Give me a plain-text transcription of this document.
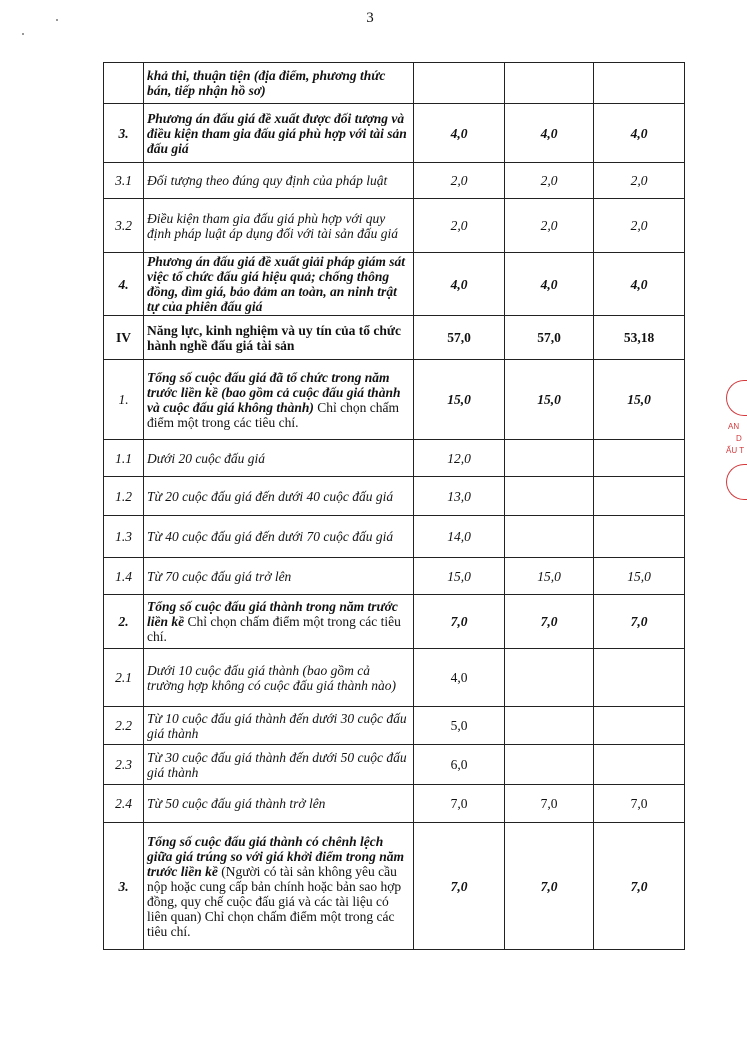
3
	khả thi, thuận tiện (địa điểm, phương thức bán, tiếp nhận hồ sơ)			
3.	Phương án đấu giá đề xuất được đối tượng và điều kiện tham gia đấu giá phù hợp với tài sản đấu giá	4,0	4,0	4,0
3.1	Đối tượng theo đúng quy định của pháp luật	2,0	2,0	2,0
3.2	Điều kiện tham gia đấu giá phù hợp với quy định pháp luật áp dụng đối với tài sản đấu giá	2,0	2,0	2,0
4.	Phương án đấu giá đề xuất giải pháp giám sát việc tổ chức đấu giá hiệu quả; chống thông đồng, dìm giá, bảo đảm an toàn, an ninh trật tự của phiên đấu giá	4,0	4,0	4,0
IV	Năng lực, kinh nghiệm và uy tín của tổ chức hành nghề đấu giá tài sản	57,0	57,0	53,18
1.	Tổng số cuộc đấu giá đã tổ chức trong năm trước liền kề (bao gồm cả cuộc đấu giá thành và cuộc đấu giá không thành) Chỉ chọn chấm điểm một trong các tiêu chí.	15,0	15,0	15,0
1.1	Dưới 20 cuộc đấu giá	12,0		
1.2	Từ 20 cuộc đấu giá đến dưới 40 cuộc đấu giá	13,0		
1.3	Từ 40 cuộc đấu giá đến dưới 70 cuộc đấu giá	14,0		
1.4	Từ 70 cuộc đấu giá trở lên	15,0	15,0	15,0
2.	Tổng số cuộc đấu giá thành trong năm trước liền kề Chỉ chọn chấm điểm một trong các tiêu chí.	7,0	7,0	7,0
2.1	Dưới 10 cuộc đấu giá thành (bao gồm cả trường hợp không có cuộc đấu giá thành nào)	4,0		
2.2	Từ 10 cuộc đấu giá thành đến dưới 30 cuộc đấu giá thành	5,0		
2.3	Từ 30 cuộc đấu giá thành đến dưới 50 cuộc đấu giá thành	6,0		
2.4	Từ 50 cuộc đấu giá thành trở lên	7,0	7,0	7,0
3.	Tổng số cuộc đấu giá thành có chênh lệch giữa giá trúng so với giá khởi điểm trong năm trước liền kề (Người có tài sản không yêu cầu nộp hoặc cung cấp bản chính hoặc bản sao hợp đồng, quy chế cuộc đấu giá và các tài liệu có liên quan) Chỉ chọn chấm điểm một trong các tiêu chí.	7,0	7,0	7,0
AN
D
ẤU T
